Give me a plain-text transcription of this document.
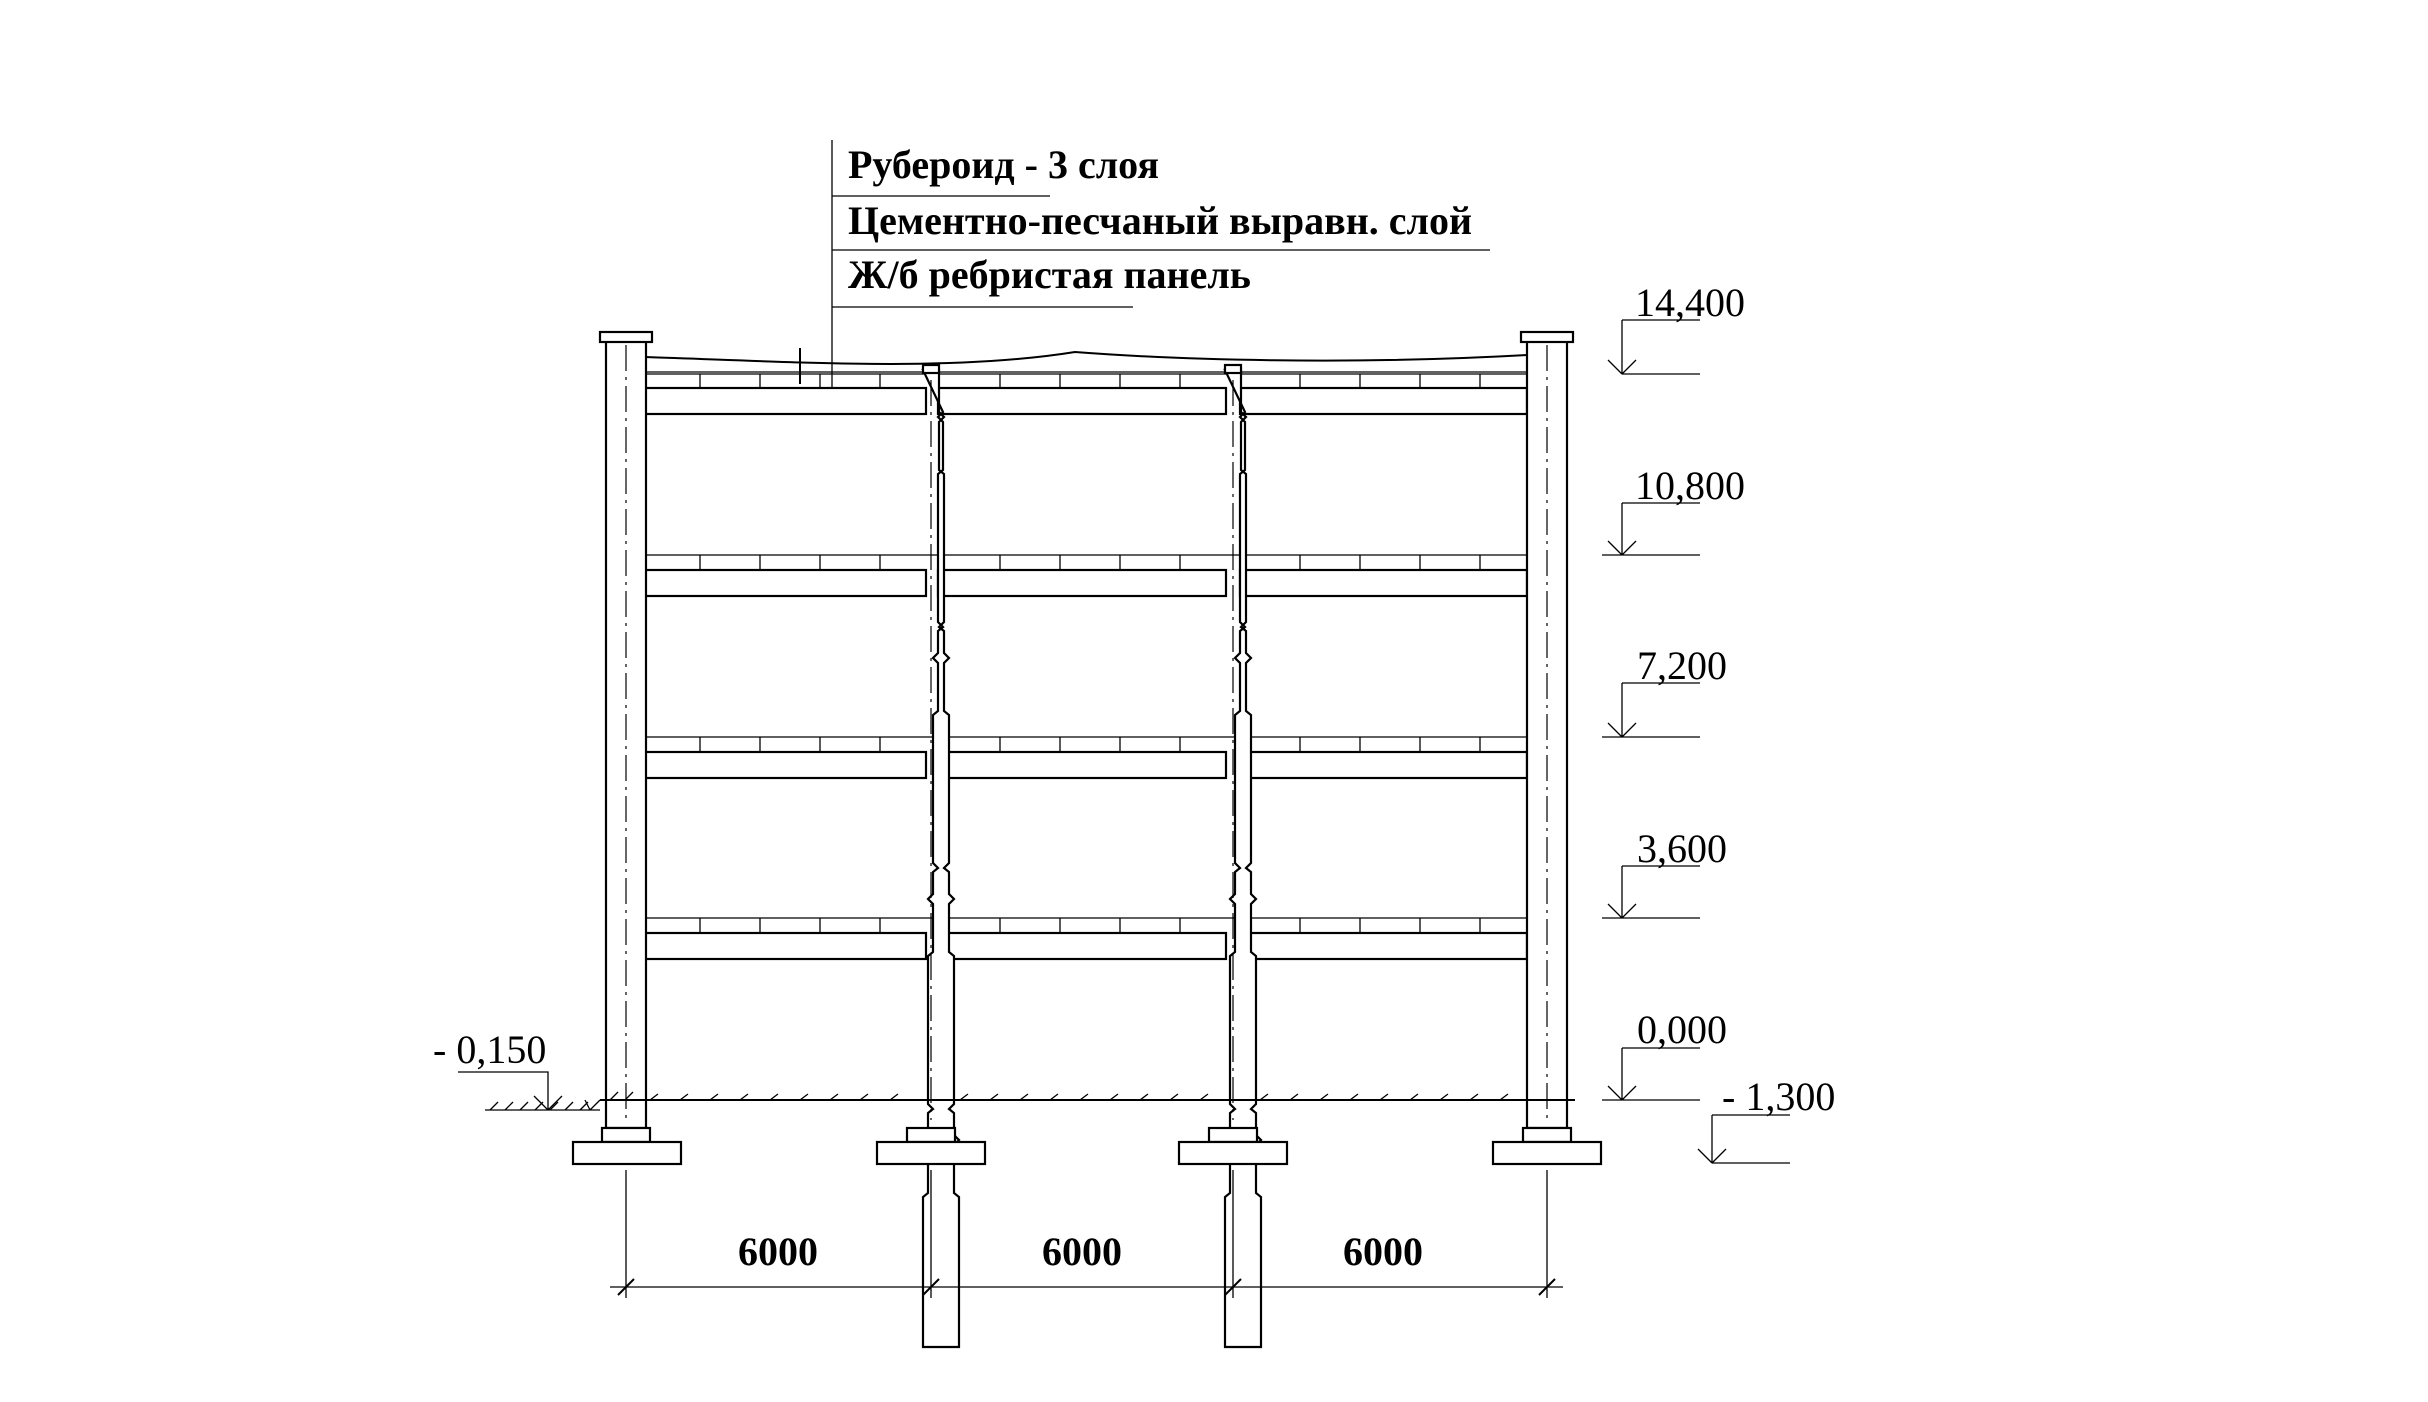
Рубероид - 3 слоя
Цементно-песчаный выравн. слой
Ж/б ребристая панель
14,400
10,800
7,200
3,600
0,000
- 1,300
- 0,150
6000	6000	6000
